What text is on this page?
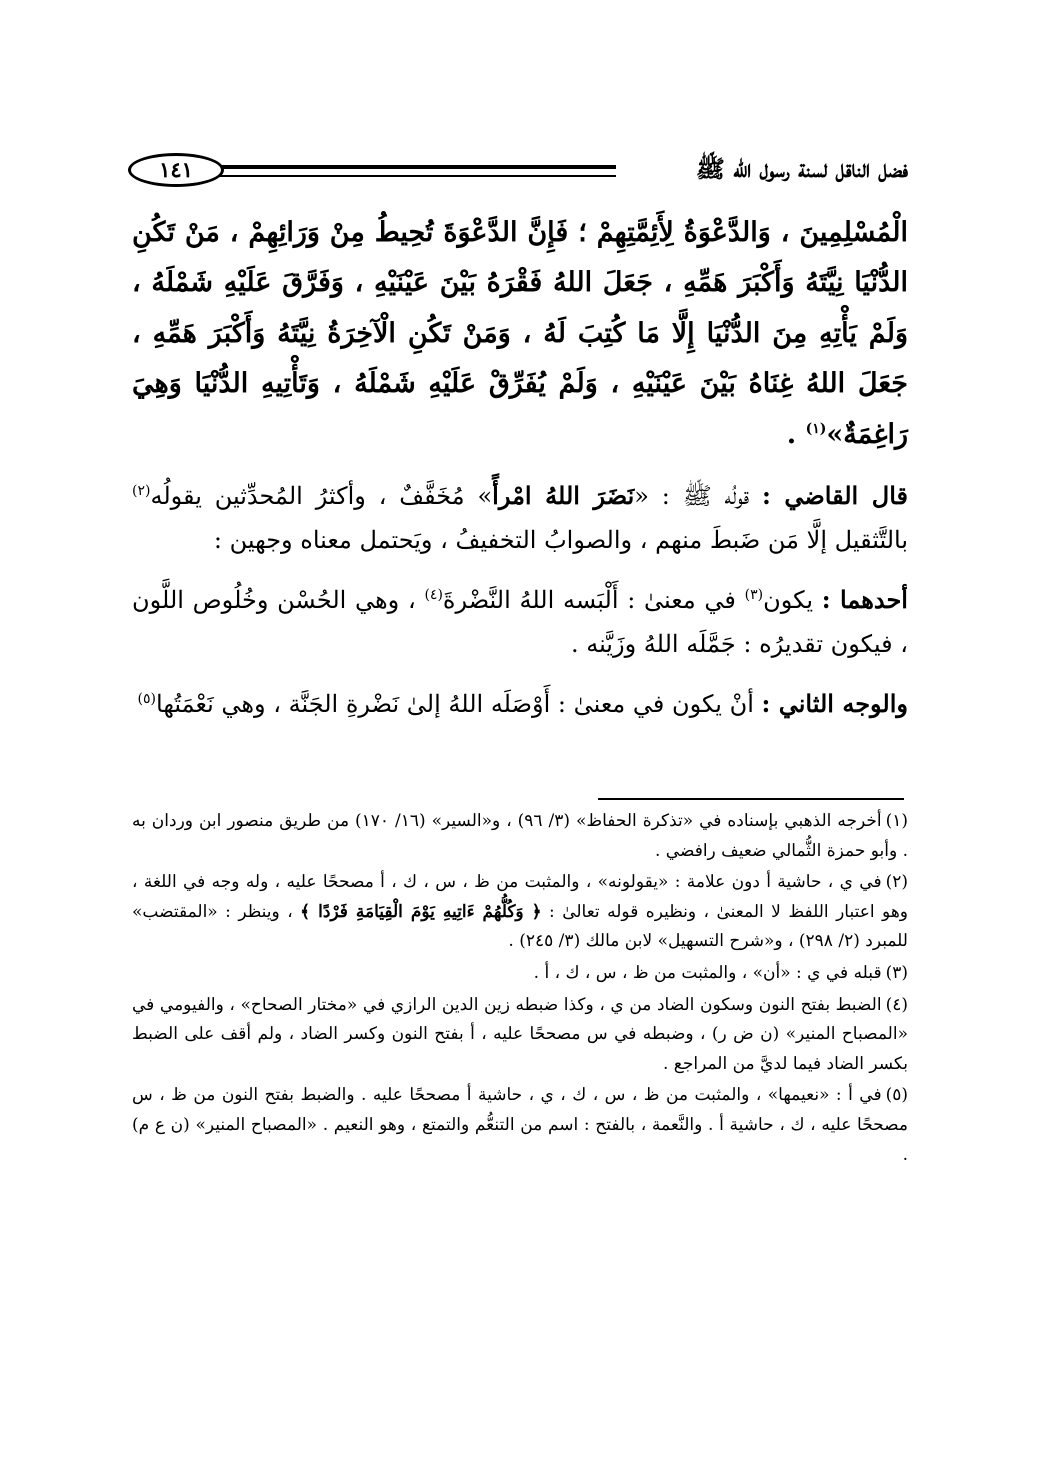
فضل الناقل لسنة رسول الله ﷺ
١٤١

الْمُسْلِمِينَ ، وَالدَّعْوَةُ لِأَئِمَّتِهِمْ ؛ فَإِنَّ الدَّعْوَةَ تُحِيطُ مِنْ وَرَائِهِمْ ، مَنْ تَكُنِ الدُّنْيَا نِيَّتَهُ وَأَكْبَرَ هَمِّهِ ، جَعَلَ اللهُ فَقْرَهُ بَيْنَ عَيْنَيْهِ ، وَفَرَّقَ عَلَيْهِ شَمْلَهُ ، وَلَمْ يَأْتِهِ مِنَ الدُّنْيَا إِلَّا مَا كُتِبَ لَهُ ، وَمَنْ تَكُنِ الْآخِرَةُ نِيَّتَهُ وَأَكْبَرَ هَمِّهِ ، جَعَلَ اللهُ غِنَاهُ بَيْنَ عَيْنَيْهِ ، وَلَمْ يُفَرِّقْ عَلَيْهِ شَمْلَهُ ، وَتَأْتِيهِ الدُّنْيَا وَهِيَ رَاغِمَةٌ»$^{(١)}$ .

قال القاضي : قولُه ﷺ : «نَضَرَ اللهُ امْرأً» مُخَفَّفٌ ، وأكثرُ المُحدِّثين يقولُه$^{(٢)}$ بالتَّثقيل إلَّا مَن ضَبطَ منهم ، والصوابُ التخفيفُ ، ويَحتمل معناه وجهين :

أحدهما : يكون$^{(٣)}$ في معنىٰ : أَلْبَسه اللهُ النَّضْرةَ$^{(٤)}$ ، وهي الحُسْن وخُلُوص اللَّون ، فيكون تقديرُه : جَمَّلَه اللهُ وزَيَّنه .

والوجه الثاني : أنْ يكون في معنىٰ : أَوْصَلَه اللهُ إلىٰ نَضْرةِ الجَنَّة ، وهي نَعْمَتُها$^{(٥)}$

(١)أخرجه الذهبي بإسناده في «تذكرة الحفاظ» (٣/ ٩٦) ، و«السير» (١٦/ ١٧٠) من طريق منصور ابن وردان به . وأبو حمزة الثُّمالي ضعيف رافضي .

(٢)في ي ، حاشية أ دون علامة : «يقولونه» ، والمثبت من ظ ، س ، ك ، أ مصححًا عليه ، وله وجه في اللغة ، وهو اعتبار اللفظ لا المعنىٰ ، ونظيره قوله تعالىٰ : ﴿ وَكُلُّهُمْ ءَاتِيهِ يَوْمَ الْقِيَامَةِ فَرْدًا ﴾ ، وينظر : «المقتضب» للمبرد (٢/ ٢٩٨) ، و«شرح التسهيل» لابن مالك (٣/ ٢٤٥) .

(٣)قبله في ي : «أن» ، والمثبت من ظ ، س ، ك ، أ .

(٤)الضبط بفتح النون وسكون الضاد من ي ، وكذا ضبطه زين الدين الرازي في «مختار الصحاح» ، والفيومي في «المصباح المنير» (ن ض ر) ، وضبطه في س مصححًا عليه ، أ بفتح النون وكسر الضاد ، ولم أقف على الضبط بكسر الضاد فيما لديَّ من المراجع .

(٥)في أ : «نعيمها» ، والمثبت من ظ ، س ، ك ، ي ، حاشية أ مصححًا عليه . والضبط بفتح النون من ظ ، س مصححًا عليه ، ك ، حاشية أ . والنَّعمة ، بالفتح : اسم من التنعُّم والتمتع ، وهو النعيم . «المصباح المنير» (ن ع م) .
